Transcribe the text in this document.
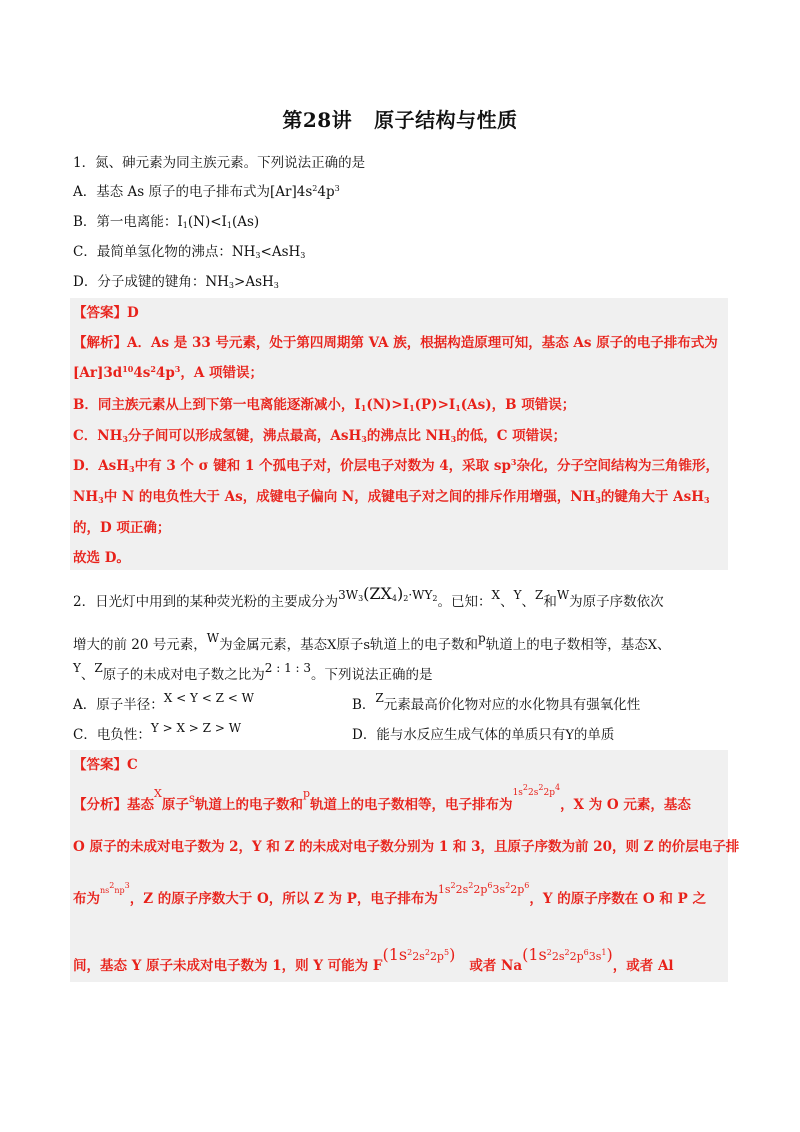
第28讲 原子结构与性质
1．氮、砷元素为同主族元素。下列说法正确的是
A．基态 As 原子的电子排布式为$[Ar]4s^24p^3$
B．第一电离能：$I_1(N)<I_1(As)$
C．最简单氢化物的沸点：$NH_3<AsH_3$
D．分子成键的键角：$NH_3>AsH_3$
【答案】D
【解析】A．As 是 33 号元素，处于第四周期第 VA 族，根据构造原理可知，基态 As 原子的电子排布式为
$[Ar]3d^{10}4s^24p^3$，A 项错误；
B．同主族元素从上到下第一电离能逐渐减小，$I_1(N)>I_1(P)>I_1(As)$，B 项错误；
C．$NH_3$分子间可以形成氢键，沸点最高，AsH$_3$的沸点比 $NH_3$的低，C 项错误；
D．AsH$_3$中有 3 个 σ 键和 1 个孤电子对，价层电子对数为 4，采取 $sp^3$杂化，分子空间结构为三角锥形，
$NH_3$中 N 的电负性大于 As，成键电子偏向 N，成键电子对之间的排斥作用增强，$NH_3$的键角大于 AsH$_3$
的，D 项正确；
故选 D。
2．日光灯中用到的某种荧光粉的主要成分为$3W_3(ZX_4)_2\cdot WY_2$。已知：X、Y、Z和W为原子序数依次
增大的前 20 号元素，W为金属元素，基态X原子s轨道上的电子数和p轨道上的电子数相等，基态X、
Y、Z原子的未成对电子数之比为2 : 1 : 3。下列说法正确的是
A．原子半径：X < Y < Z < W	B．Z元素最高价化物对应的水化物具有强氧化性
C．电负性：Y > X > Z > W	D．能与水反应生成气体的单质只有Y的单质
【答案】C
【分析】基态$^X$原子s轨道上的电子数和$^p$轨道上的电子数相等，电子排布为$^{1s^22s^22p^4}$，X 为 O 元素，基态
O 原子的未成对电子数为 2，Y 和 Z 的未成对电子数分别为 1 和 3，且原子序数为前 20，则 Z 的价层电子排
布为$^{ns^2np^3}$，Z 的原子序数大于 O，所以 Z 为 P，电子排布为$^{1s^22s^22p^63s^22p^6}$，Y 的原子序数在 O 和 P 之
间，基态 Y 原子未成对电子数为 1，则 Y 可能为 $F^{(1s^22s^22p^5)}$或者 $Na^{(1s^22s^22p^63s^1)}$，或者 Al
